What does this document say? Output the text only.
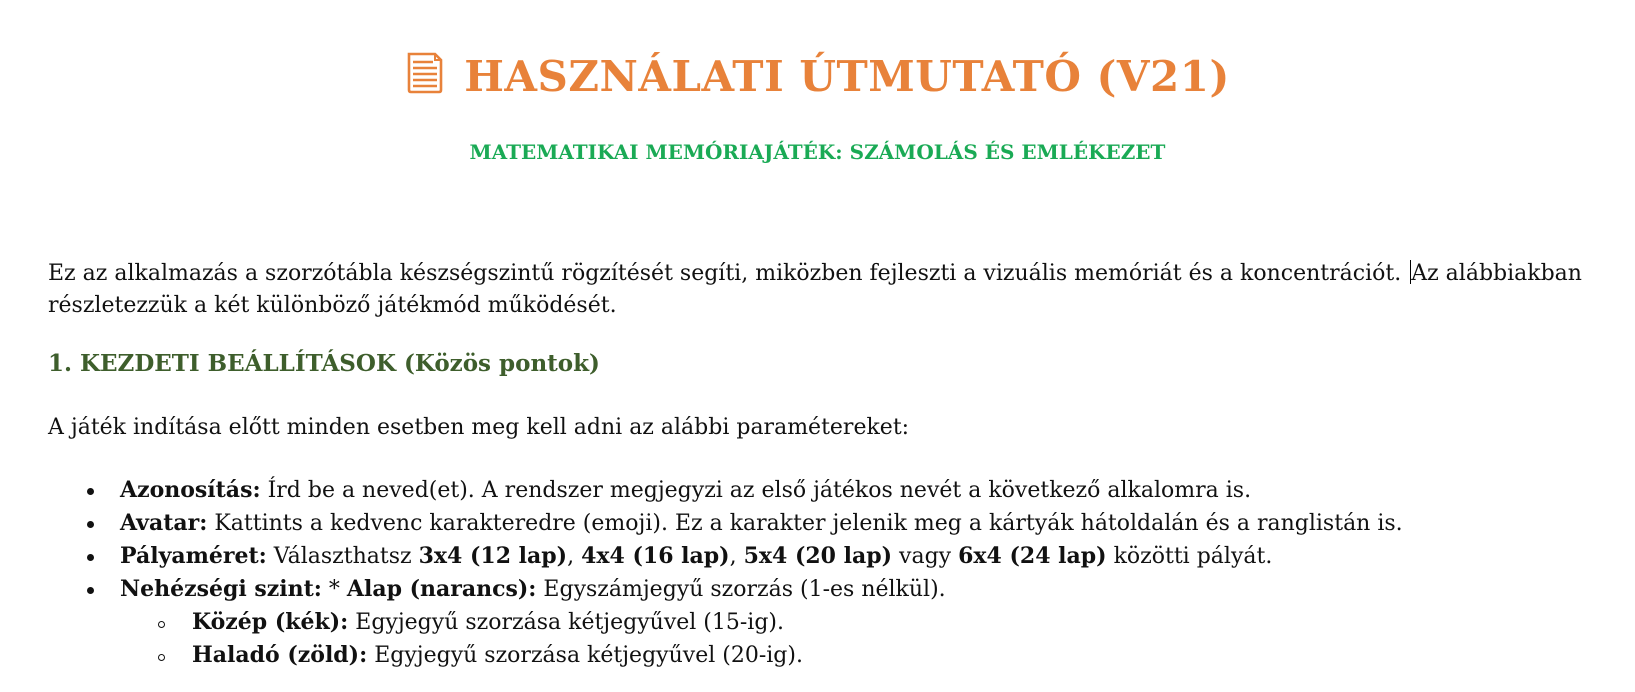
HASZNÁLATI ÚTMUTATÓ (V21)
MATEMATIKAI MEMÓRIAJÁTÉK: SZÁMOLÁS ÉS EMLÉKEZET
Ez az alkalmazás a szorzótábla készségszintű rögzítését segíti, miközben fejleszti a vizuális memóriát és a koncentrációt. Az alábbiakban részletezzük a két különböző játékmód működését.
1. KEZDETI BEÁLLÍTÁSOK (Közös pontok)
A játék indítása előtt minden esetben meg kell adni az alábbi paramétereket:
Azonosítás: Írd be a neved(et). A rendszer megjegyzi az első játékos nevét a következő alkalomra is.
Avatar: Kattints a kedvenc karakteredre (emoji). Ez a karakter jelenik meg a kártyák hátoldalán és a ranglistán is.
Pályaméret: Választhatsz 3x4 (12 lap), 4x4 (16 lap), 5x4 (20 lap) vagy 6x4 (24 lap) közötti pályát.
Nehézségi szint: * Alap (narancs): Egyszámjegyű szorzás (1-es nélkül).
Közép (kék): Egyjegyű szorzása kétjegyűvel (15-ig).
Haladó (zöld): Egyjegyű szorzása kétjegyűvel (20-ig).
